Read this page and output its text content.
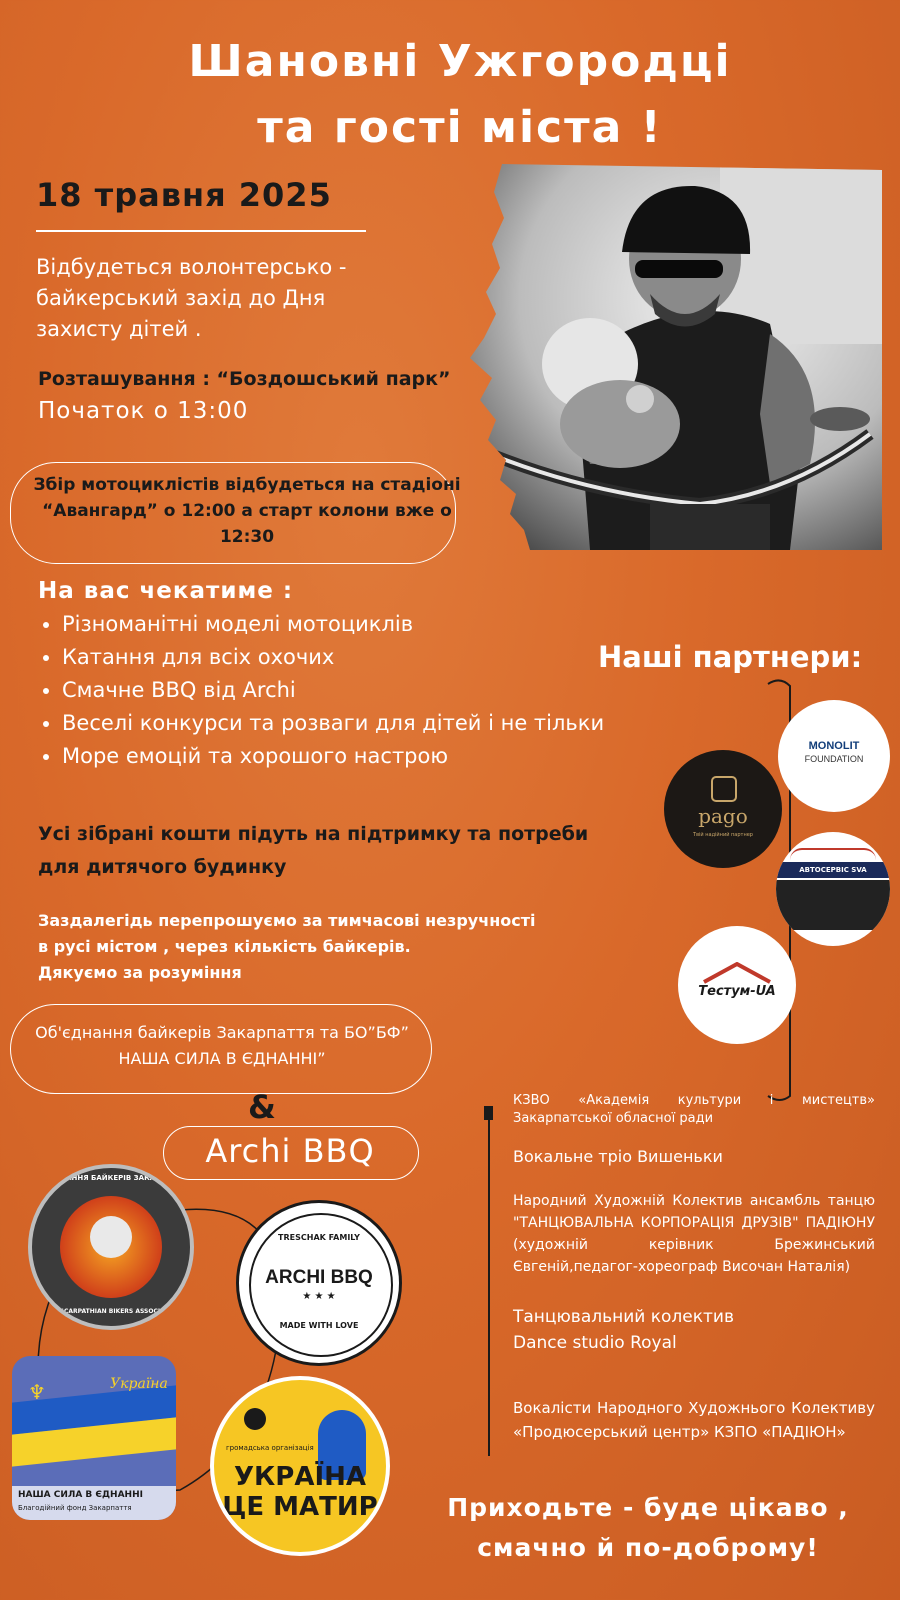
Шановні Ужгородці
та гості міста !
18 травня 2025
Відбудеться волонтерсько - байкерський захід до Дня захисту дітей .
Розташування : “Боздошський парк”
Початок о 13:00
Збір мотоциклістів відбудеться на стадіоні “Авангард” о 12:00 а старт колони вже о 12:30
На вас чекатиме :
• Різноманітні моделі мотоциклів
• Катання для всіх охочих
• Смачне BBQ від Archi
• Веселі конкурси та розваги для дітей і не тільки
• Море емоцій та хорошого настрою
Усі зібрані кошти підуть на підтримку та потреби для дитячого будинку
Заздалегідь перепрошуємо за тимчасові незручності
в русі містом , через кількість байкерів.
Дякуємо за розуміння
Об'єднання байкерів Закарпаття та БО”БФ” НАША СИЛА В ЄДНАННІ”
&
Archi BBQ
Наші партнери:
MONOLIT
FOUNDATION
pago
Твій надійний партнер
АВТОСЕРВІС SVA
Тестум-UA
ОБ'ЄДНАННЯ БАЙКЕРІВ ЗАКАРПАТТЯ
TRANSCARPATHIAN BIKERS ASSOCIATION
TRESCHAK FAMILY
ARCHI BBQ
★ ★ ★
MADE WITH LOVE
Україна
♆
НАША СИЛА В ЄДНАННІ
Благодійний фонд Закарпаття
громадська організація
УКРАЇНА
ЦЕ МАТИР

КЗВО «Академія культури і мистецтв» Закарпатської обласної ради

Вокальне тріо Вишеньки

Народний Художній Колектив ансамбль танцю "ТАНЦЮВАЛЬНА КОРПОРАЦІЯ ДРУЗІВ" ПАДІЮНУ (художній керівник Брежинський Євгеній,педагог-хореограф Височан Наталія)

Танцювальний колектив Dance studio Royal

Вокалісти Народного Художнього Колективу «Продюсерський центр» КЗПО «ПАДІЮН»

Приходьте - буде цікаво ,
смачно й по-доброму!
